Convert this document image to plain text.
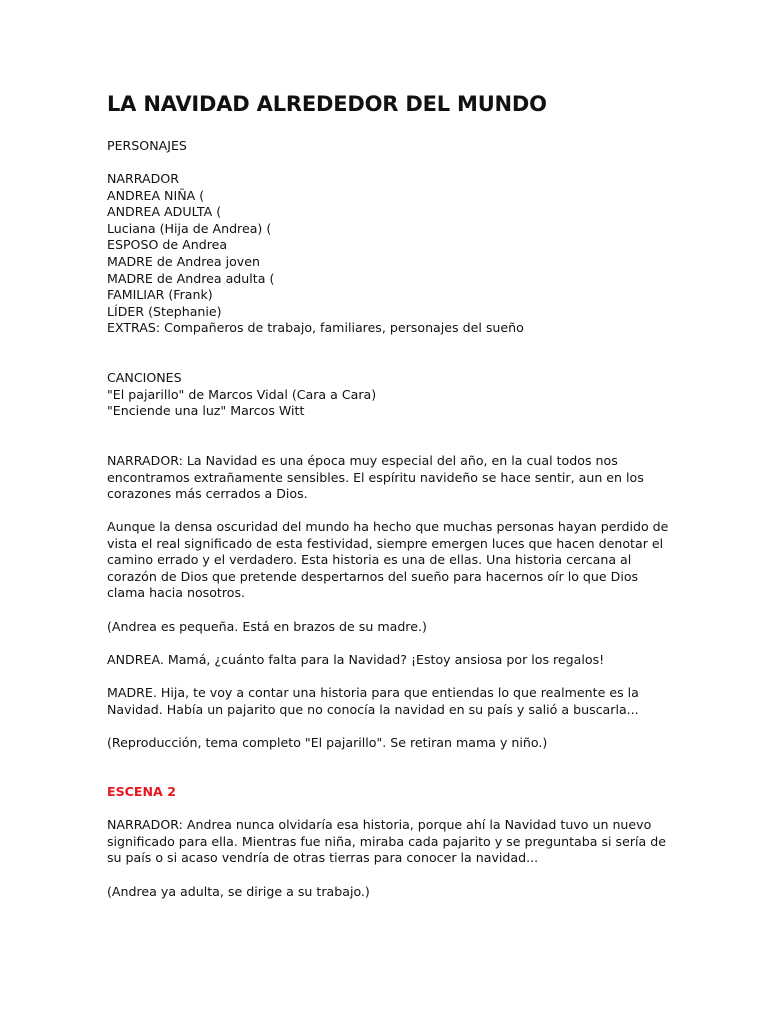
LA NAVIDAD ALREDEDOR DEL MUNDO
PERSONAJES
NARRADOR
ANDREA NIÑA (
ANDREA ADULTA (
Luciana (Hija de Andrea) (
ESPOSO de Andrea
MADRE de Andrea joven
MADRE de Andrea adulta (
FAMILIAR (Frank)
LÍDER (Stephanie)
EXTRAS: Compañeros de trabajo, familiares, personajes del sueño
CANCIONES
"El pajarillo" de Marcos Vidal (Cara a Cara)
"Enciende una luz" Marcos Witt
NARRADOR: La Navidad es una época muy especial del año, en la cual todos nos
encontramos extrañamente sensibles. El espíritu navideño se hace sentir, aun en los
corazones más cerrados a Dios.
Aunque la densa oscuridad del mundo ha hecho que muchas personas hayan perdido de
vista el real significado de esta festividad, siempre emergen luces que hacen denotar el
camino errado y el verdadero. Esta historia es una de ellas. Una historia cercana al
corazón de Dios que pretende despertarnos del sueño para hacernos oír lo que Dios
clama hacia nosotros.
(Andrea es pequeña. Está en brazos de su madre.)
ANDREA. Mamá, ¿cuánto falta para la Navidad? ¡Estoy ansiosa por los regalos!
MADRE. Hija, te voy a contar una historia para que entiendas lo que realmente es la
Navidad. Había un pajarito que no conocía la navidad en su país y salió a buscarla...
(Reproducción, tema completo "El pajarillo". Se retiran mama y niño.)
ESCENA 2
NARRADOR: Andrea nunca olvidaría esa historia, porque ahí la Navidad tuvo un nuevo
significado para ella. Mientras fue niña, miraba cada pajarito y se preguntaba si sería de
su país o si acaso vendría de otras tierras para conocer la navidad...
(Andrea ya adulta, se dirige a su trabajo.)
